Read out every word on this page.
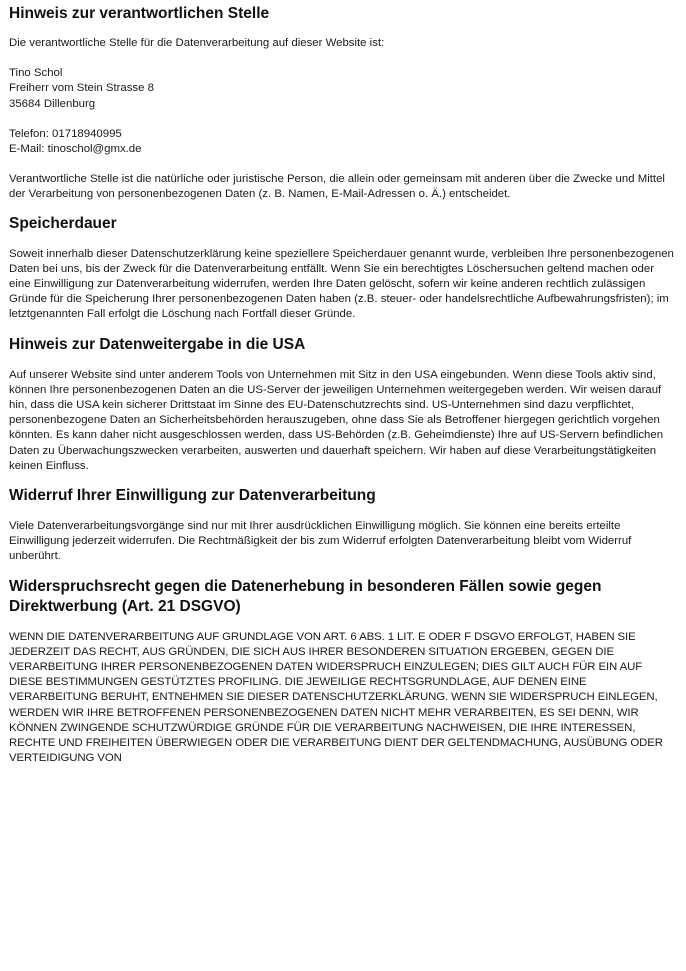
Hinweis zur verantwortlichen Stelle

Die verantwortliche Stelle für die Datenverarbeitung auf dieser Website ist:

Tino Schol
Freiherr vom Stein Strasse 8
35684 Dillenburg

Telefon: 01718940995
E-Mail: tinoschol@gmx.de

Verantwortliche Stelle ist die natürliche oder juristische Person, die allein oder gemeinsam mit anderen über die Zwecke und Mittel der Verarbeitung von personenbezogenen Daten (z. B. Namen, E-Mail-Adressen o. Ä.) entscheidet.

Speicherdauer

Soweit innerhalb dieser Datenschutzerklärung keine speziellere Speicherdauer genannt wurde, verbleiben Ihre personenbezogenen Daten bei uns, bis der Zweck für die Datenverarbeitung entfällt. Wenn Sie ein berechtigtes Löschersuchen geltend machen oder eine Einwilligung zur Datenverarbeitung widerrufen, werden Ihre Daten gelöscht, sofern wir keine anderen rechtlich zulässigen Gründe für die Speicherung Ihrer personenbezogenen Daten haben (z.B. steuer- oder handelsrechtliche Aufbewahrungsfristen); im letztgenannten Fall erfolgt die Löschung nach Fortfall dieser Gründe.

Hinweis zur Datenweitergabe in die USA

Auf unserer Website sind unter anderem Tools von Unternehmen mit Sitz in den USA eingebunden. Wenn diese Tools aktiv sind, können Ihre personenbezogenen Daten an die US-Server der jeweiligen Unternehmen weitergegeben werden. Wir weisen darauf hin, dass die USA kein sicherer Drittstaat im Sinne des EU-Datenschutzrechts sind. US-Unternehmen sind dazu verpflichtet, personenbezogene Daten an Sicherheitsbehörden herauszugeben, ohne dass Sie als Betroffener hiergegen gerichtlich vorgehen könnten. Es kann daher nicht ausgeschlossen werden, dass US-Behörden (z.B. Geheimdienste) Ihre auf US-Servern befindlichen Daten zu Überwachungszwecken verarbeiten, auswerten und dauerhaft speichern. Wir haben auf diese Verarbeitungstätigkeiten keinen Einfluss.

Widerruf Ihrer Einwilligung zur Datenverarbeitung

Viele Datenverarbeitungsvorgänge sind nur mit Ihrer ausdrücklichen Einwilligung möglich. Sie können eine bereits erteilte Einwilligung jederzeit widerrufen. Die Rechtmäßigkeit der bis zum Widerruf erfolgten Datenverarbeitung bleibt vom Widerruf unberührt.

Widerspruchsrecht gegen die Datenerhebung in besonderen Fällen sowie gegen Direktwerbung (Art. 21 DSGVO)

WENN DIE DATENVERARBEITUNG AUF GRUNDLAGE VON ART. 6 ABS. 1 LIT. E ODER F DSGVO ERFOLGT, HABEN SIE JEDERZEIT DAS RECHT, AUS GRÜNDEN, DIE SICH AUS IHRER BESONDEREN SITUATION ERGEBEN, GEGEN DIE VERARBEITUNG IHRER PERSONENBEZOGENEN DATEN WIDERSPRUCH EINZULEGEN; DIES GILT AUCH FÜR EIN AUF DIESE BESTIMMUNGEN GESTÜTZTES PROFILING. DIE JEWEILIGE RECHTSGRUNDLAGE, AUF DENEN EINE VERARBEITUNG BERUHT, ENTNEHMEN SIE DIESER DATENSCHUTZERKLÄRUNG. WENN SIE WIDERSPRUCH EINLEGEN, WERDEN WIR IHRE BETROFFENEN PERSONENBEZOGENEN DATEN NICHT MEHR VERARBEITEN, ES SEI DENN, WIR KÖNNEN ZWINGENDE SCHUTZWÜRDIGE GRÜNDE FÜR DIE VERARBEITUNG NACHWEISEN, DIE IHRE INTERESSEN, RECHTE UND FREIHEITEN ÜBERWIEGEN ODER DIE VERARBEITUNG DIENT DER GELTENDMACHUNG, AUSÜBUNG ODER VERTEIDIGUNG VON
